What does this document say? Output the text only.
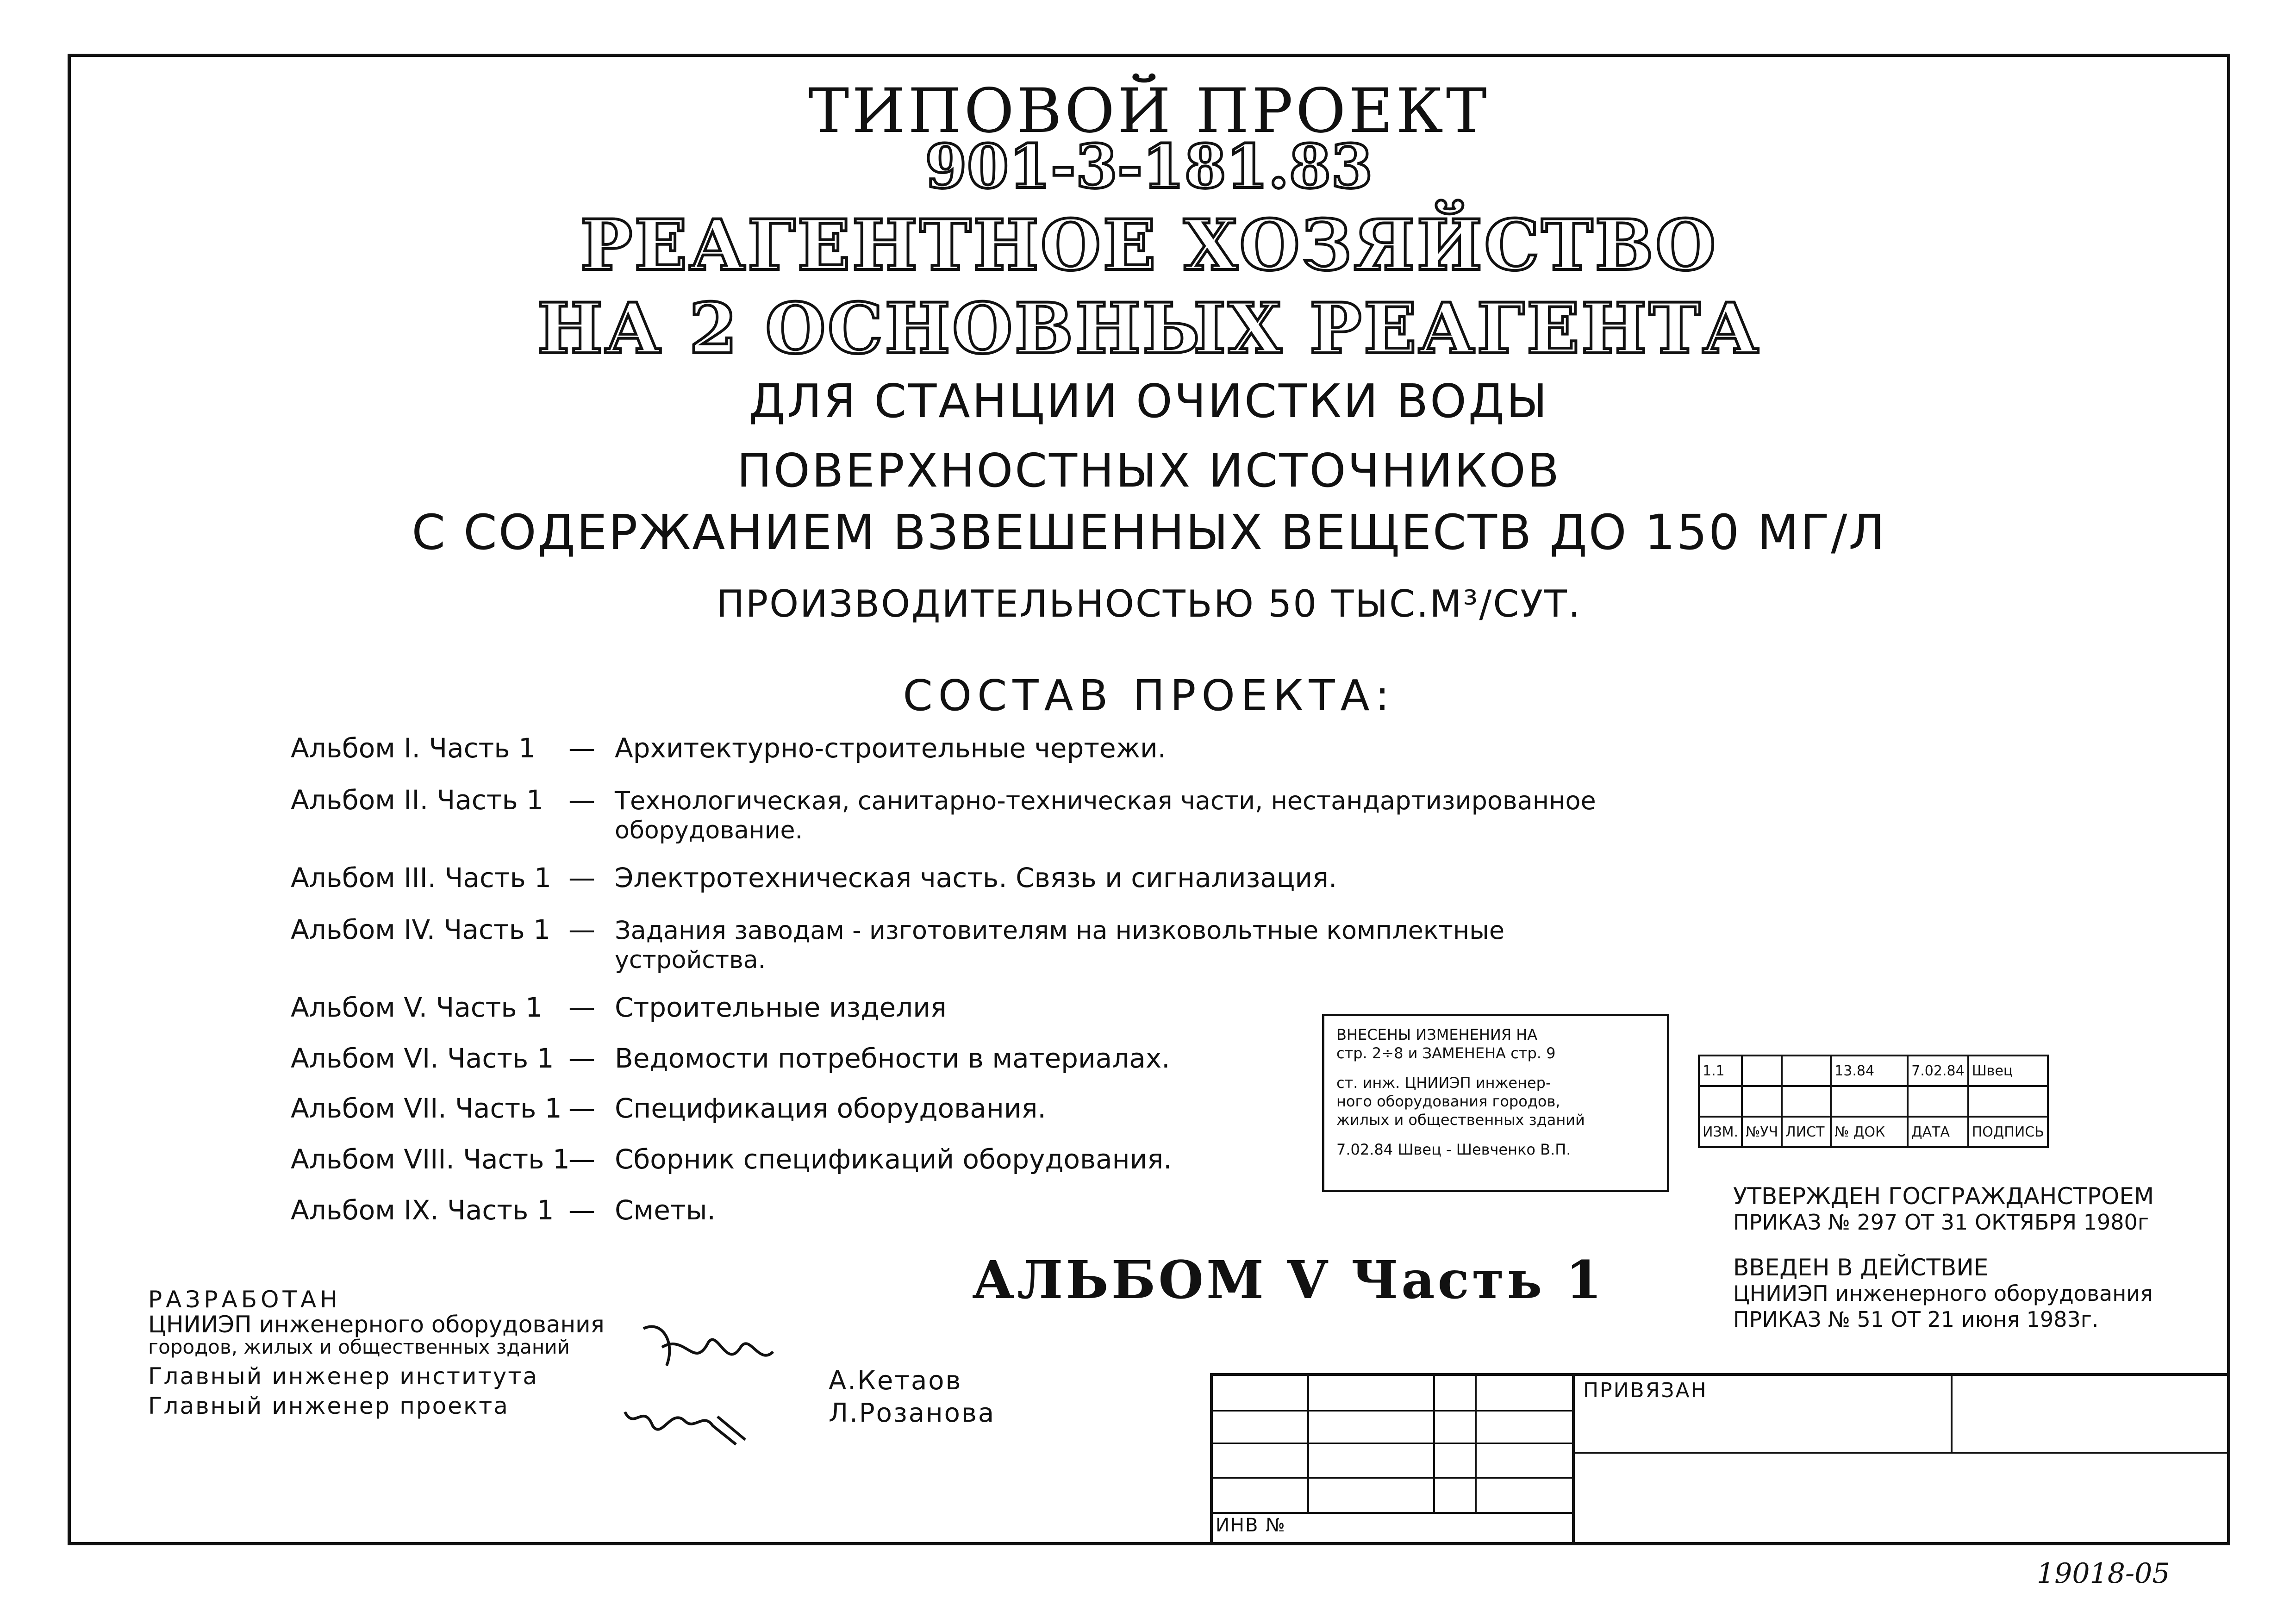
ТИПОВОЙ ПРОЕКТ
901-3-181.83
РЕАГЕНТНОЕ ХОЗЯЙСТВО
НА 2 ОСНОВНЫХ РЕАГЕНТА
ДЛЯ СТАНЦИИ ОЧИСТКИ ВОДЫ
ПОВЕРХНОСТНЫХ ИСТОЧНИКОВ
С СОДЕРЖАНИЕМ ВЗВЕШЕННЫХ ВЕЩЕСТВ ДО 150 МГ/Л
ПРОИЗВОДИТЕЛЬНОСТЬЮ 50 ТЫС.М³/СУТ.
СОСТАВ ПРОЕКТА:
Альбом I. Часть 1 — Архитектурно-строительные чертежи.
Альбом II. Часть 1 — Технологическая, санитарно-техническая части, нестандартизированное
оборудование.
Альбом III. Часть 1 — Электротехническая часть. Связь и сигнализация.
Альбом IV. Часть 1 — Задания заводам - изготовителям на низковольтные комплектные
устройства.
Альбом V. Часть 1 — Строительные изделия
Альбом VI. Часть 1 — Ведомости потребности в материалах.
Альбом VII. Часть 1 — Спецификация оборудования.
Альбом VIII. Часть 1— Сборник спецификаций оборудования.
Альбом IX. Часть 1 — Сметы.
ВНЕСЕНЫ ИЗМЕНЕНИЯ НА
стр. 2÷8 и ЗАМЕНЕНА стр. 9
ст. инж. ЦНИИЭП инженер-
ного оборудования городов,
жилых и общественных зданий
7.02.84 Швец - Шевченко В.П.
1.1			13.84	7.02.84	Швец

ИЗМ.	№УЧ	ЛИСТ	№ ДОК	ДАТА	ПОДПИСЬ
УТВЕРЖДЕН ГОСГРАЖДАНСТРОЕМ
ПРИКАЗ № 297 ОТ 31 ОКТЯБРЯ 1980г
ВВЕДЕН В ДЕЙСТВИЕ
ЦНИИЭП инженерного оборудования
ПРИКАЗ № 51 ОТ 21 июня 1983г.
АЛЬБОМ V Часть 1
РАЗРАБОТАН
ЦНИИЭП инженерного оборудования
городов, жилых и общественных зданий
Главный инженер института
Главный инженер проекта
А.Кетаов
Л.Розанова
ПРИВЯЗАН
ИНВ №
19018-05
